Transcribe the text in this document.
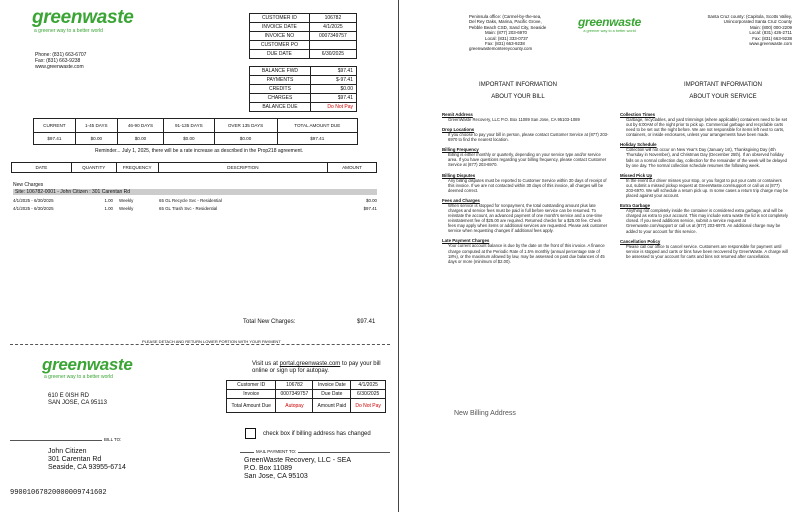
greenwaste
a greener way to a better world
Phone: (831) 663-6707
Fax: (831) 663-9238
www.greenwaste.com
CUSTOMER ID	106782
INVOICE DATE	4/1/2025
INVOICE NO	0007349757
CUSTOMER PO	
DUE DATE	6/30/2025
BALANCE FWD	$97.41
PAYMENTS	$-97.41
CREDITS	$0.00
CHARGES	$97.41
BALANCE DUE	Do Not Pay
CURRENT	1-45 DAYS	46-90 DAYS	91-135 DAYS	OVER 135 DAYS	TOTAL AMOUNT DUE
$97.41	$0.00	$0.00	$0.00	$0.00	$97.41
Reminder... July 1, 2025, there will be a rate increase as described in the Prop218 agreement.
DATE	QUANTITY	FREQUENCY	DESCRIPTION	AMOUNT
New Charges
Site: 106782-0001 - John Citizen : 301 Carentan Rd
4/1/2025 - 6/30/2025	1.00	Weekly	65 GL Recycle Svc - Residential	$0.00
4/1/2025 - 6/30/2025	1.00	Weekly	65 GL Trash Svc - Residential	$97.41
Total New Charges:	$97.41
PLEASE DETACH AND RETURN LOWER PORTION WITH YOUR PAYMENT
greenwaste
a greener way to a better world
610 E 0ISH RD
SAN JOSE, CA 95113
Visit us at portal.greenwaste.com to pay your bill online or sign up for autopay.
Customer ID	106782	Invoice Date	4/1/2025
Invoice	0007349757	Due Date	6/30/2025
Total Amount Due	Autopay	Amount Paid	Do Not Pay
check box if billing address has changed
BILL TO:
John Citizen
301 Carentan Rd
Seaside, CA 93955-6714
MAIL PAYMENT TO:
GreenWaste Recovery, LLC - SEA
P.O. Box 11089
San Jose, CA 95103
99001067820000009741602
Peninsula office: (Carmel-by-the-sea,
Del Rey Oaks, Marina, Pacific Grove,
Pebble Beach CSD, Sand City, Seaside
Main: (877) 203-6970
Local: (831) 333-0737
Fax: (831) 663-9238
greenwastemontereycounty.com
greenwaste
a greener way to a better world
Santa Cruz county: (Capitola, Scotts Valley,
Unincorporated Santa Cruz County
Main: (800) 000-2209
Local: (831) 426-2711
Fax: (831) 663-9238
www.greenwaste.com
IMPORTANT INFORMATION
ABOUT YOUR BILL
IMPORTANT INFORMATION
ABOUT YOUR SERVICE
Remit Address
GreenWaste Recovery, LLC P.O. Box 11089 San Jose, CA 95103-1089
Drop Locations
If you choose to pay your bill in person, please contact Customer Service at (877) 203-6970 to find the nearest location.
Billing Frequency
Billing is either monthly or quarterly, depending on your service type and/or service area. If you have questions regarding your billing frequency, please contact Customer Service at (877) 203-6970.
Billing Disputes
Any billing disputes must be reported to Customer Service within 30 days of receipt of this invoice. If we are not contacted within 30 days of this invoice, all charges will be deemed correct.
Fees and Charges
When service is stopped for nonpayment, the total outstanding amount plus late charges and service fees must be paid in full before service can be resumed. To reinstate the account, an advanced payment of one month's service and a one-time reinstatement fee of $25.00 are required. Returned checks for a $25.00 fee. Check fees may apply when items or additional services are requested. Please ask customer service when requesting changes if additional fees apply.
Late Payment Charges
Your current account balance is due by the date on the front of this invoice. A finance charge computed at the Periodic Rate of 1.5% monthly (annual percentage rate of 18%), or the maximum allowed by law, may be assessed on past due balances of 45 days or more (minimum of $2.00).
Collection Times
Garbage, recyclables, and yard trimmings (where applicable) containers need to be set out by 6:00AM of the night prior to pick up. Commercial garbage and recyclable carts need to be set out the night before. We are not responsible for items left next to carts, containers, or inside enclosures, unless your arrangements have been made.
Holiday Schedule
Collection will not occur on New Year's Day (January 1st), Thanksgiving Day (4th Thursday in November), and Christmas Day (December 25th). If an observed holiday falls on a normal collection day, collection for the remainder of the week will be delayed by one day. The normal collection schedule resumes the following week.
Missed Pick Up
In the event our driver misses your stop, or you forgot to put your carts or containers out, submit a missed pickup request at GreenWaste.com/support or call us at (877) 203-6970. We will schedule a return pick up. In some cases a return trip charge may be placed against your account.
Extra Garbage
Anything not completely inside the container is considered extra garbage, and will be charged as extra to your account. This may include extra waste the lid is not completely closed. If you need additions service, submit a service request at Greenwaste.com/support or call us at (877) 203-6970. An additional charge may be added to your account for this service.
Cancellation Policy
Please call our office to cancel service. Customers are responsible for payment until service is stopped and carts or bins have been recovered by GreenWaste. A charge will be assessed to your account for carts and bins not returned after cancellation.
New Billing Address
